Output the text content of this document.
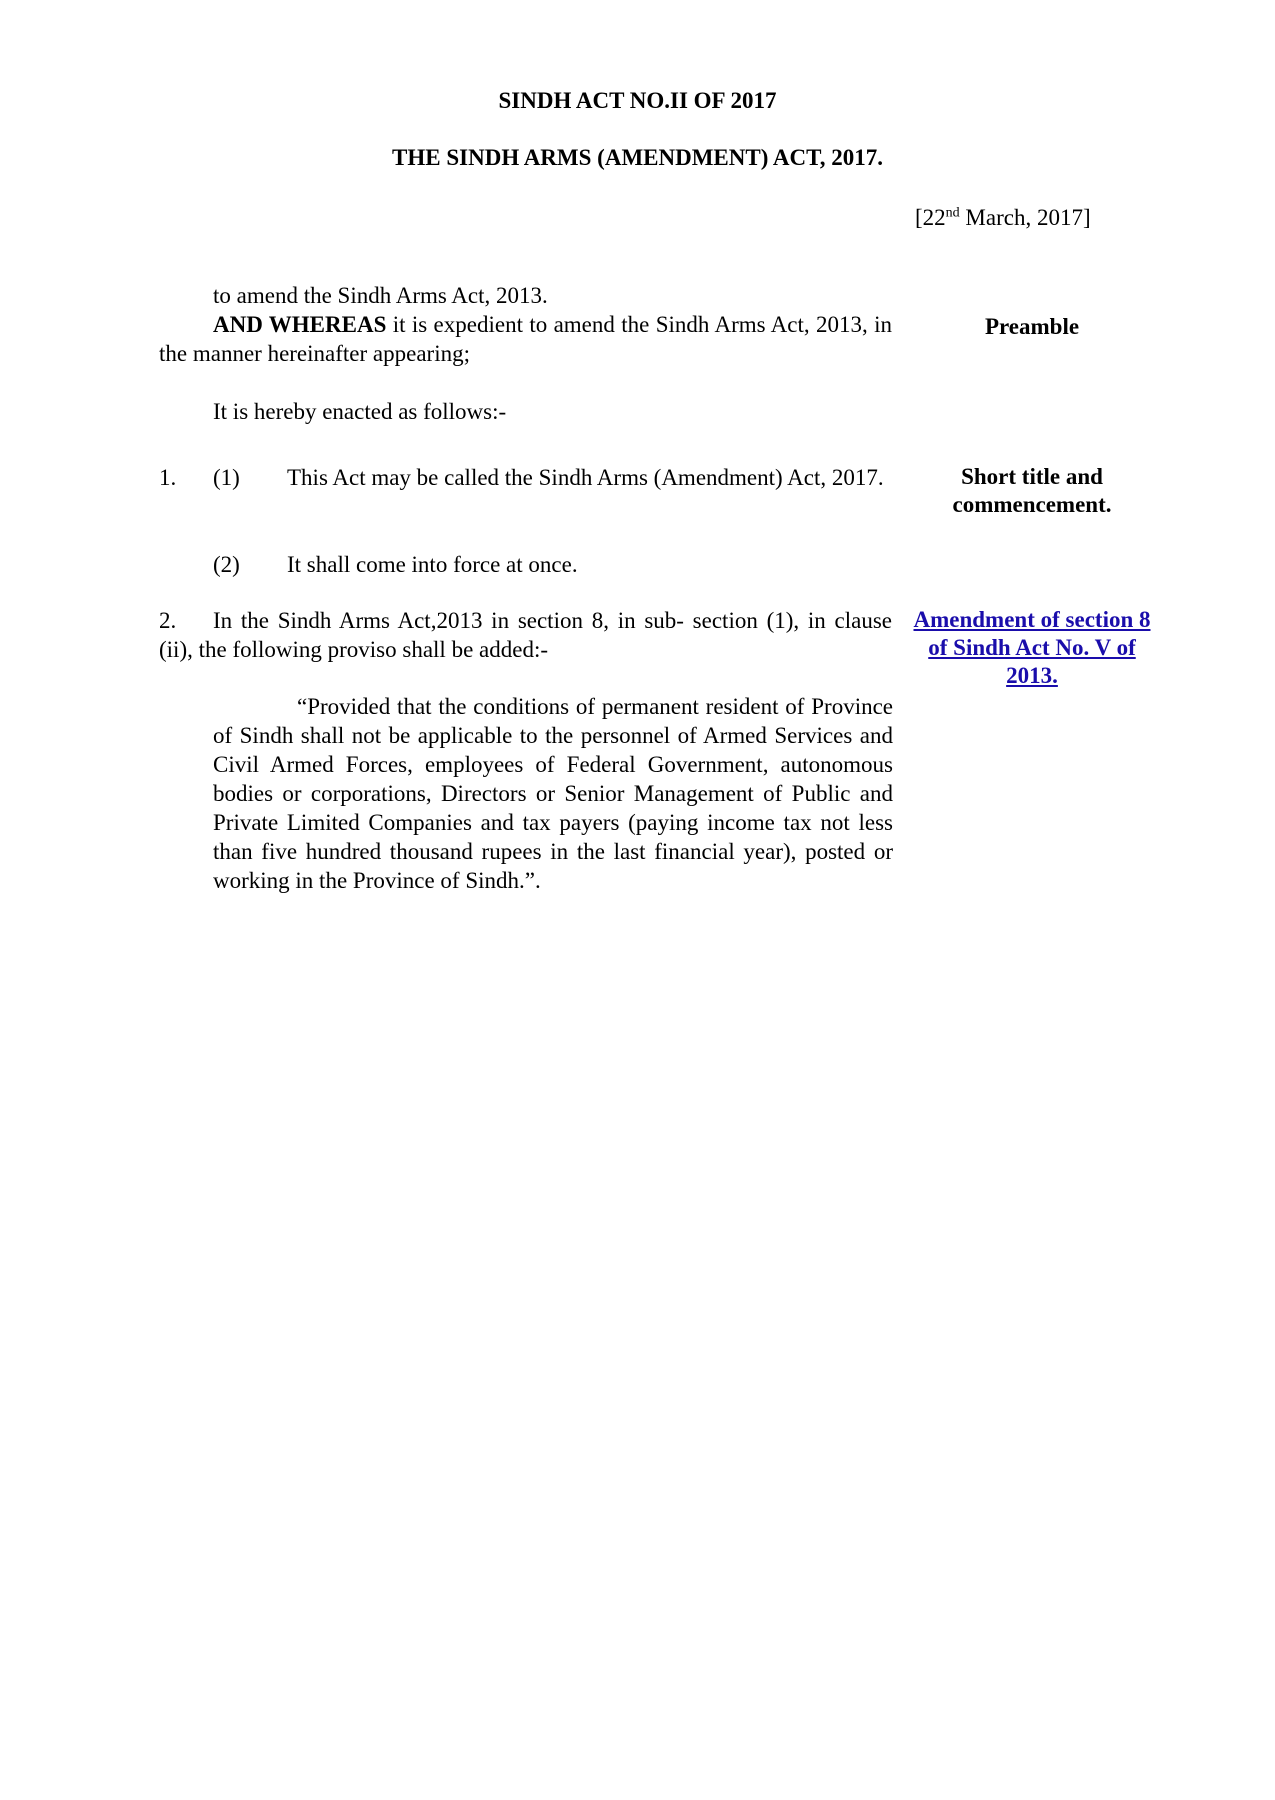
SINDH ACT NO.II OF 2017

THE SINDH ARMS (AMENDMENT) ACT, 2017.

[22nd March, 2017]

to amend the Sindh Arms Act, 2013.

AND WHEREAS it is expedient to amend the Sindh Arms Act, 2013, in the manner hereinafter appearing;

Preamble

It is hereby enacted as follows:-

1. (1) This Act may be called the Sindh Arms (Amendment) Act, 2017.	Short title and commencement.

(2) It shall come into force at once.

2. In the Sindh Arms Act,2013 in section 8, in sub- section (1), in clause (ii), the following proviso shall be added:-

Amendment of section 8 of Sindh Act No. V of 2013.

“Provided that the conditions of permanent resident of Province of Sindh shall not be applicable to the personnel of Armed Services and Civil Armed Forces, employees of Federal Government, autonomous bodies or corporations, Directors or Senior Management of Public and Private Limited Companies and tax payers (paying income tax not less than five hundred thousand rupees in the last financial year), posted or working in the Province of Sindh.”.
